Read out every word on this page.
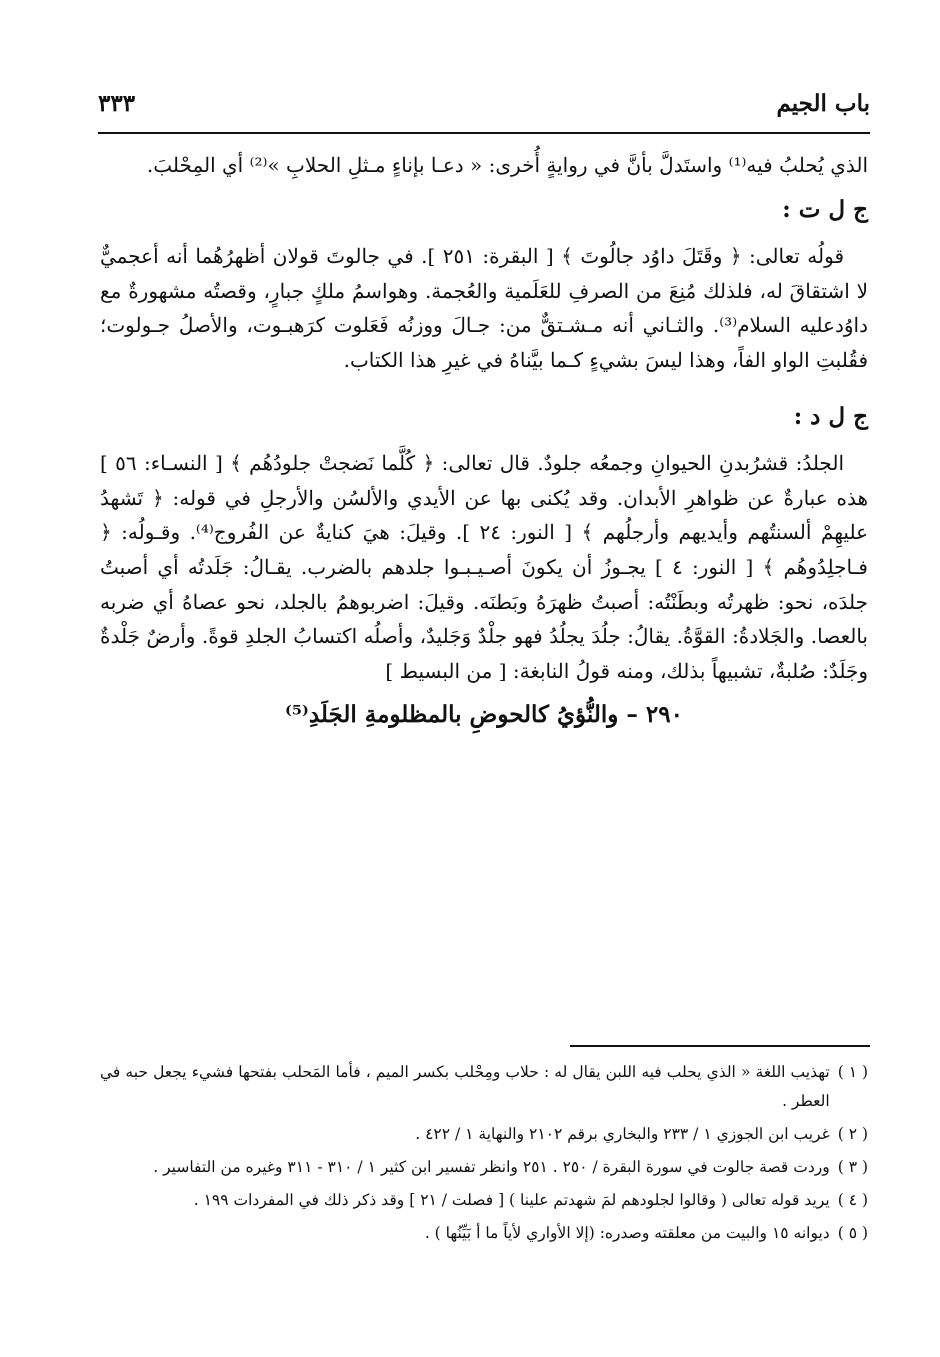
باب الجيم
٣٣٣

الذي يُحلبُ فيه⁽¹⁾ واستَدلَّ بأنَّ في روايةٍ أُخرى: « دعـا بإناءٍ مـثلِ الحلابِ »⁽²⁾ أي المِحْلبَ.

ج ل ت :

قولُه تعالى: ﴿ وقَتَلَ داوُد جالُوتَ ﴾ [ البقرة: ٢٥١ ]. في جالوتَ قولان أظهرُهُما أنه أعجميٌّ لا اشتقاقَ له، فلذلك مُنِعَ من الصرفِ للعَلَمية والعُجمة. وهواسمُ ملكٍ جبارٍ، وقصتُه مشهورةٌ مع داوُدعليه السلام⁽³⁾. والثـاني أنه مـشـتقٌّ من: جـالَ ووزنُه فَعَلوت كرَهبـوت، والأصلُ جـولوت؛ فقُلبتِ الواو الفاً، وهذا ليسَ بشيءٍ كـما بيَّناهُ في غيرِ هذا الكتاب.

ج ل د :

الجلدُ: قشرُبدنِ الحيوانِ وجمعُه جلودٌ. قال تعالى: ﴿ كُلَّما نَضجتْ جلودُهُم ﴾ [ النسـاء: ٥٦ ] هذه عبارةٌ عن ظواهرِ الأبدان. وقد يُكنى بها عن الأيدي والألسُن والأرجلِ في قوله: ﴿ تَشهدُ عليهِمْ ألسنتُهم وأيديهم وأرجلُهم ﴾ [ النور: ٢٤ ]. وقيلَ: هيَ كنايةٌ عن الفُروج⁽⁴⁾. وقـولُه: ﴿ فـاجلِدُوهُم ﴾ [ النور: ٤ ] يجـوزُ أن يكونَ أصـيـبـوا جلدهم بالضرب. يقـالُ: جَلَدتُه أي أصبتُ جلدَه، نحو: ظهرتُه وبطَنْتُه: أصبتُ ظهرَهُ وبَطنَه. وقيلَ: اضربوهمُ بالجلد، نحو عصاهُ أي ضربه بالعصا. والجَلادةُ: القوَّةُ. يقالُ: جلُدَ يجلُدُ فهو جلْدٌ وَجَليدٌ، وأصلُه اكتسابُ الجلدِ قوةً. وأرضٌ جَلْدةٌ وجَلَدٌ: صُلبةٌ، تشبيهاً بذلك، ومنه قولُ النابغة: [ من البسيط ]

٢٩٠ – والنُّؤيُ كالحوضِ بالمظلومةِ الجَلَدِ⁽⁵⁾
( ١ )
تهذيب اللغة « الذي يحلب فيه اللبن يقال له : حلاب ومِحْلب بكسر الميم ، فأما المَحلب بفتحها فشيء يجعل حبه في العطر .
( ٢ )
غريب ابن الجوزي ١ / ٢٣٣ والبخاري برقم ٢١٠٢ والنهاية ١ / ٤٢٢ .
( ٣ )
وردت قصة جالوت في سورة البقرة / ٢٥٠ . ٢٥١ وانظر تفسير ابن كثير ١ / ٣١٠ - ٣١١ وغيره من التفاسير .
( ٤ )
يريد قوله تعالى ( وقالوا لجلودهم لمَ شهدتم علينا ) [ فصلت / ٢١ ] وقد ذكر ذلك في المفردات ١٩٩ .
( ٥ )
ديوانه ١٥ والبيت من معلقته وصدره: (إلا الأواري لأياً ما أ بَيِّنُها ) .
